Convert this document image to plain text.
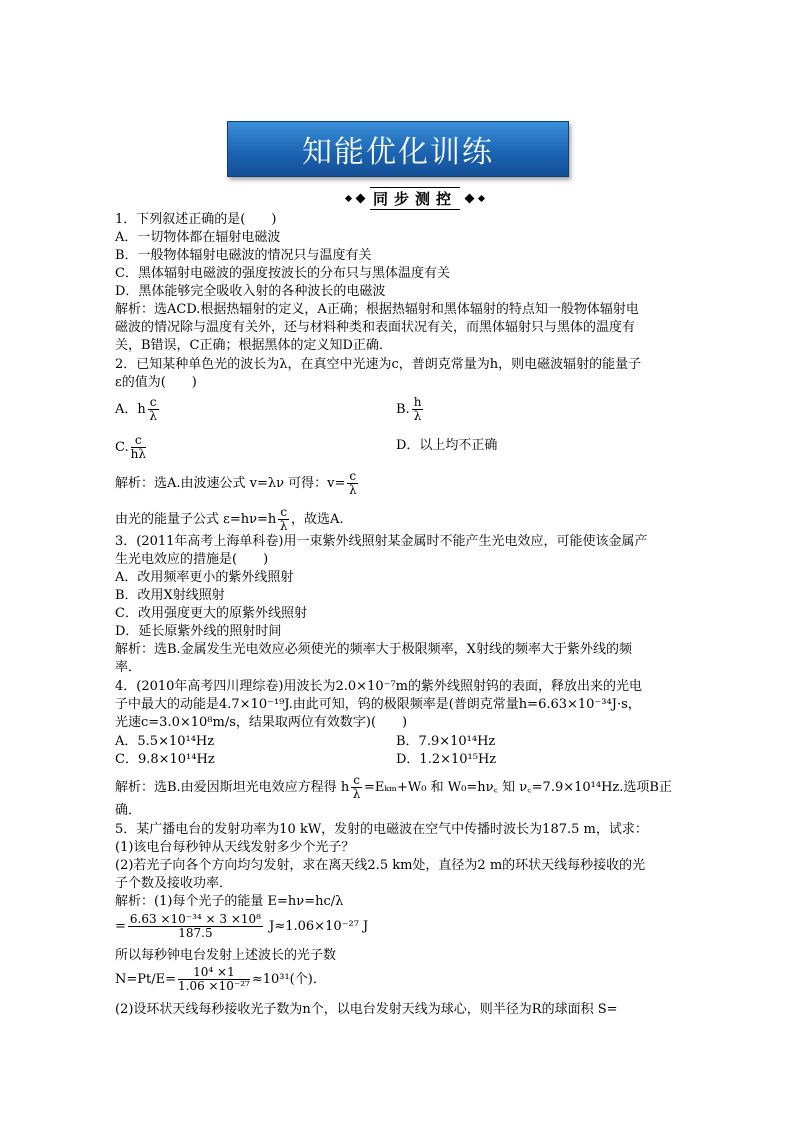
知能优化训练
同步测控
1．下列叙述正确的是(　　)
A．一切物体都在辐射电磁波
B．一般物体辐射电磁波的情况只与温度有关
C．黑体辐射电磁波的强度按波长的分布只与黑体温度有关
D．黑体能够完全吸收入射的各种波长的电磁波
解析：选ACD.根据热辐射的定义，A正确；根据热辐射和黑体辐射的特点知一般物体辐射电
磁波的情况除与温度有关外，还与材料种类和表面状况有关，而黑体辐射只与黑体的温度有
关，B错误，C正确；根据黑体的定义知D正确．
2．已知某种单色光的波长为λ，在真空中光速为c，普朗克常量为h，则电磁波辐射的能量子
ε的值为(　　)
A．h $\frac{c}{\lambda}$	B. $\frac{h}{\lambda}$
C. $\frac{c}{h\lambda}$	D．以上均不正确
解析：选A.由波速公式 v=λν 可得：$v= \frac{c}{\lambda}$
由光的能量子公式 $\varepsilon=h\nu=h \frac{c}{\lambda}$ ，故选A.
3．(2011年高考上海单科卷)用一束紫外线照射某金属时不能产生光电效应，可能使该金属产
生光电效应的措施是(　　)
A．改用频率更小的紫外线照射
B．改用X射线照射
C．改用强度更大的原紫外线照射
D．延长原紫外线的照射时间
解析：选B.金属发生光电效应必须使光的频率大于极限频率，X射线的频率大于紫外线的频
率．
4．(2010年高考四川理综卷)用波长为2.0×10⁻⁷m的紫外线照射钨的表面，释放出来的光电
子中最大的动能是4.7×10⁻¹⁹J.由此可知，钨的极限频率是(普朗克常量h=6.63×10⁻³⁴J·s，
光速c=3.0×10⁸m/s，结果取两位有效数字)(　　)
A．5.5×10¹⁴Hz	B．7.9×10¹⁴Hz
C．9.8×10¹⁴Hz	D．1.2×10¹⁵Hz
解析：选B.由爱因斯坦光电效应方程得 h $\frac{c}{\lambda} =E_{km}+W_0$ 和 W₀=hν꜀ 知 ν꜀=7.9×10¹⁴Hz.选项B正
确．
5．某广播电台的发射功率为10 kW，发射的电磁波在空气中传播时波长为187.5 m，试求：
(1)该电台每秒钟从天线发射多少个光子？
(2)若光子向各个方向均匀发射，求在离天线2.5 km处，直径为2 m的环状天线每秒接收的光
子个数及接收功率．
解析：(1)每个光子的能量 E=hν=hc/λ
= $\frac{\text{6.63 ×10⁻³⁴ × 3 ×10⁸}}{187.5} J\approx 1.06\times 10^{-27}$ J
所以每秒钟电台发射上述波长的光子数
$N=Pt/E= \frac{\text{10⁴ ×1}}{\text{1.06 ×10⁻²⁷}} \approx 10^{31}$(个)．
(2)设环状天线每秒接收光子数为n个，以电台发射天线为球心，则半径为R的球面积 S=
